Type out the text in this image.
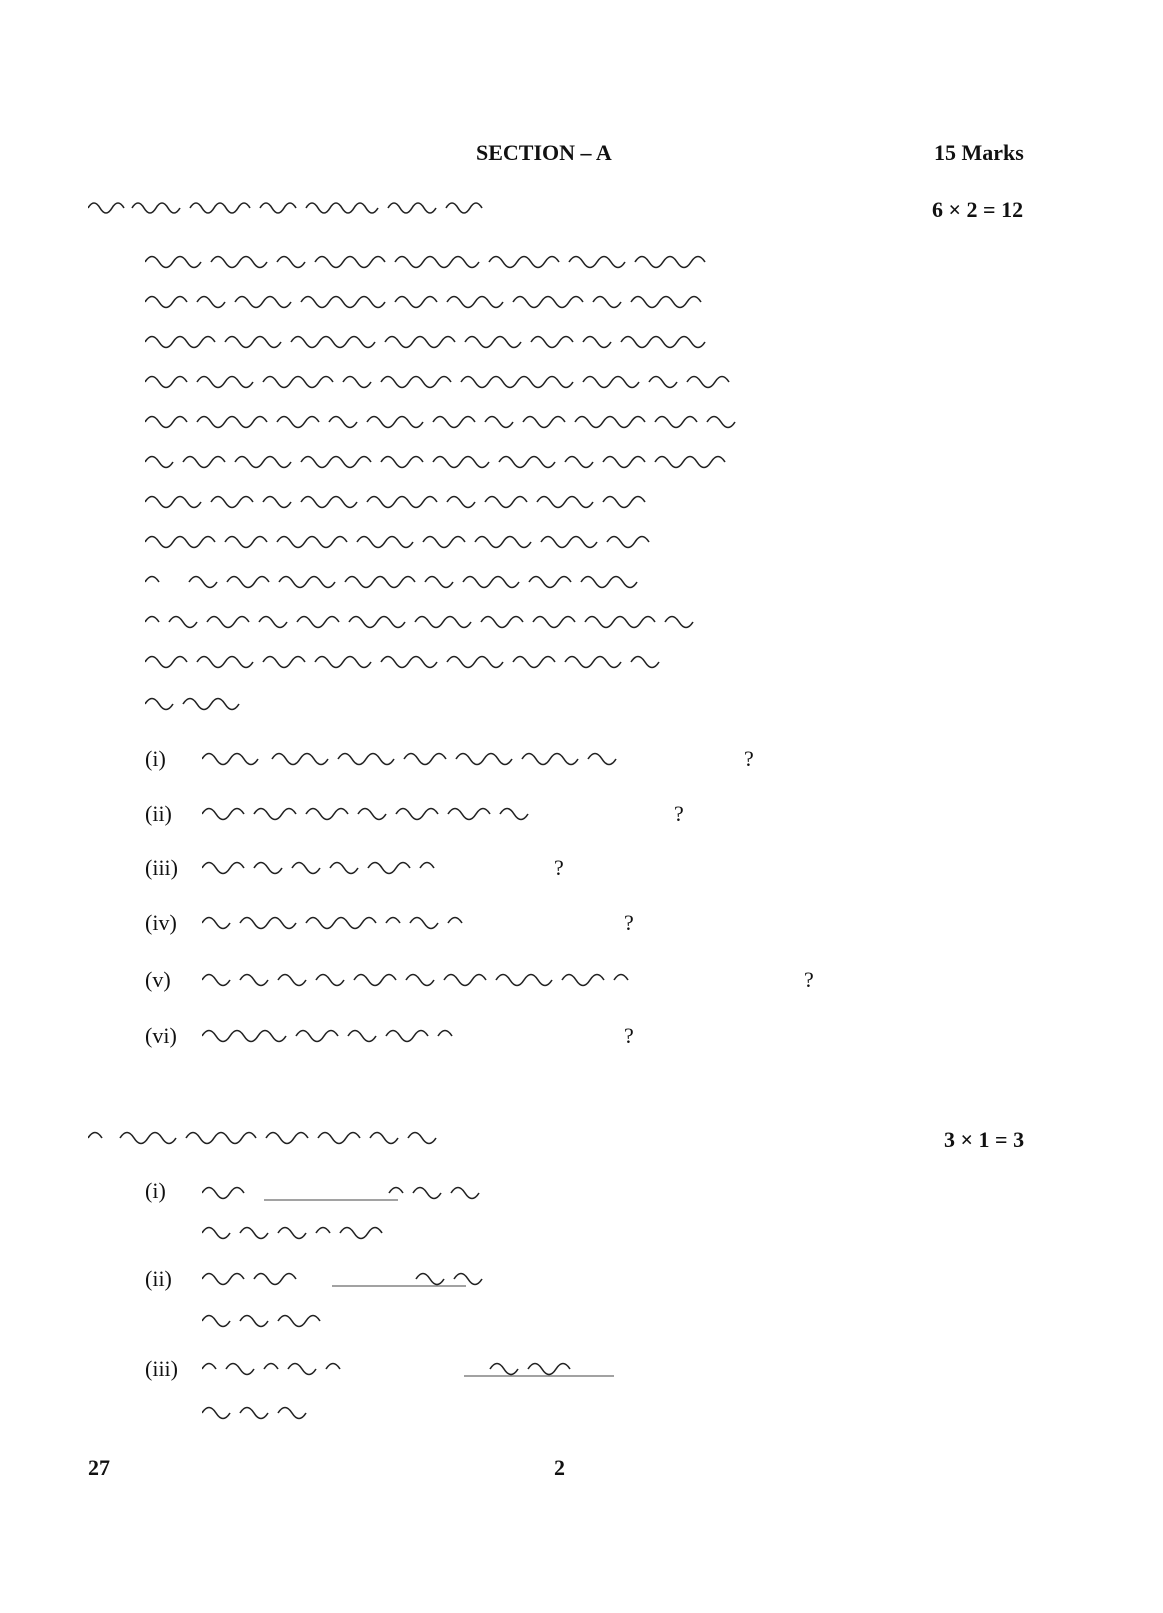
SECTION – A	15 Marks
6 × 2 = 12
(i)	?
(ii)	?
(iii)	?
(iv)	?
(v)	?
(vi)	?
3 × 1 = 3
(i)
(ii)
(iii)
27	2
